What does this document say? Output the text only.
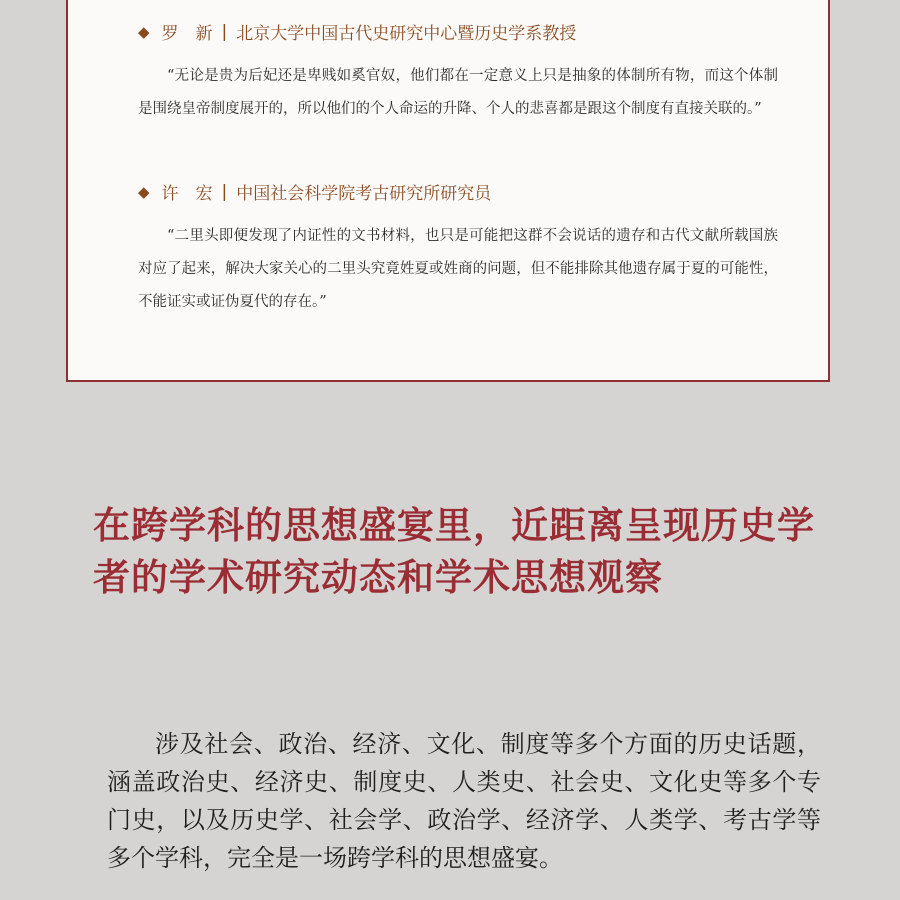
◆ 罗　新 | 北京大学中国古代史研究中心暨历史学系教授
“无论是贵为后妃还是卑贱如奚官奴，他们都在一定意义上只是抽象的体制所有物，而这个体制是围绕皇帝制度展开的，所以他们的个人命运的升降、个人的悲喜都是跟这个制度有直接关联的。”
◆ 许　宏 | 中国社会科学院考古研究所研究员
“二里头即便发现了内证性的文书材料，也只是可能把这群不会说话的遗存和古代文献所载国族对应了起来，解决大家关心的二里头究竟姓夏或姓商的问题，但不能排除其他遗存属于夏的可能性，不能证实或证伪夏代的存在。”
在跨学科的思想盛宴里，近距离呈现历史学者的学术研究动态和学术思想观察
涉及社会、政治、经济、文化、制度等多个方面的历史话题，涵盖政治史、经济史、制度史、人类史、社会史、文化史等多个专门史，以及历史学、社会学、政治学、经济学、人类学、考古学等多个学科，完全是一场跨学科的思想盛宴。
